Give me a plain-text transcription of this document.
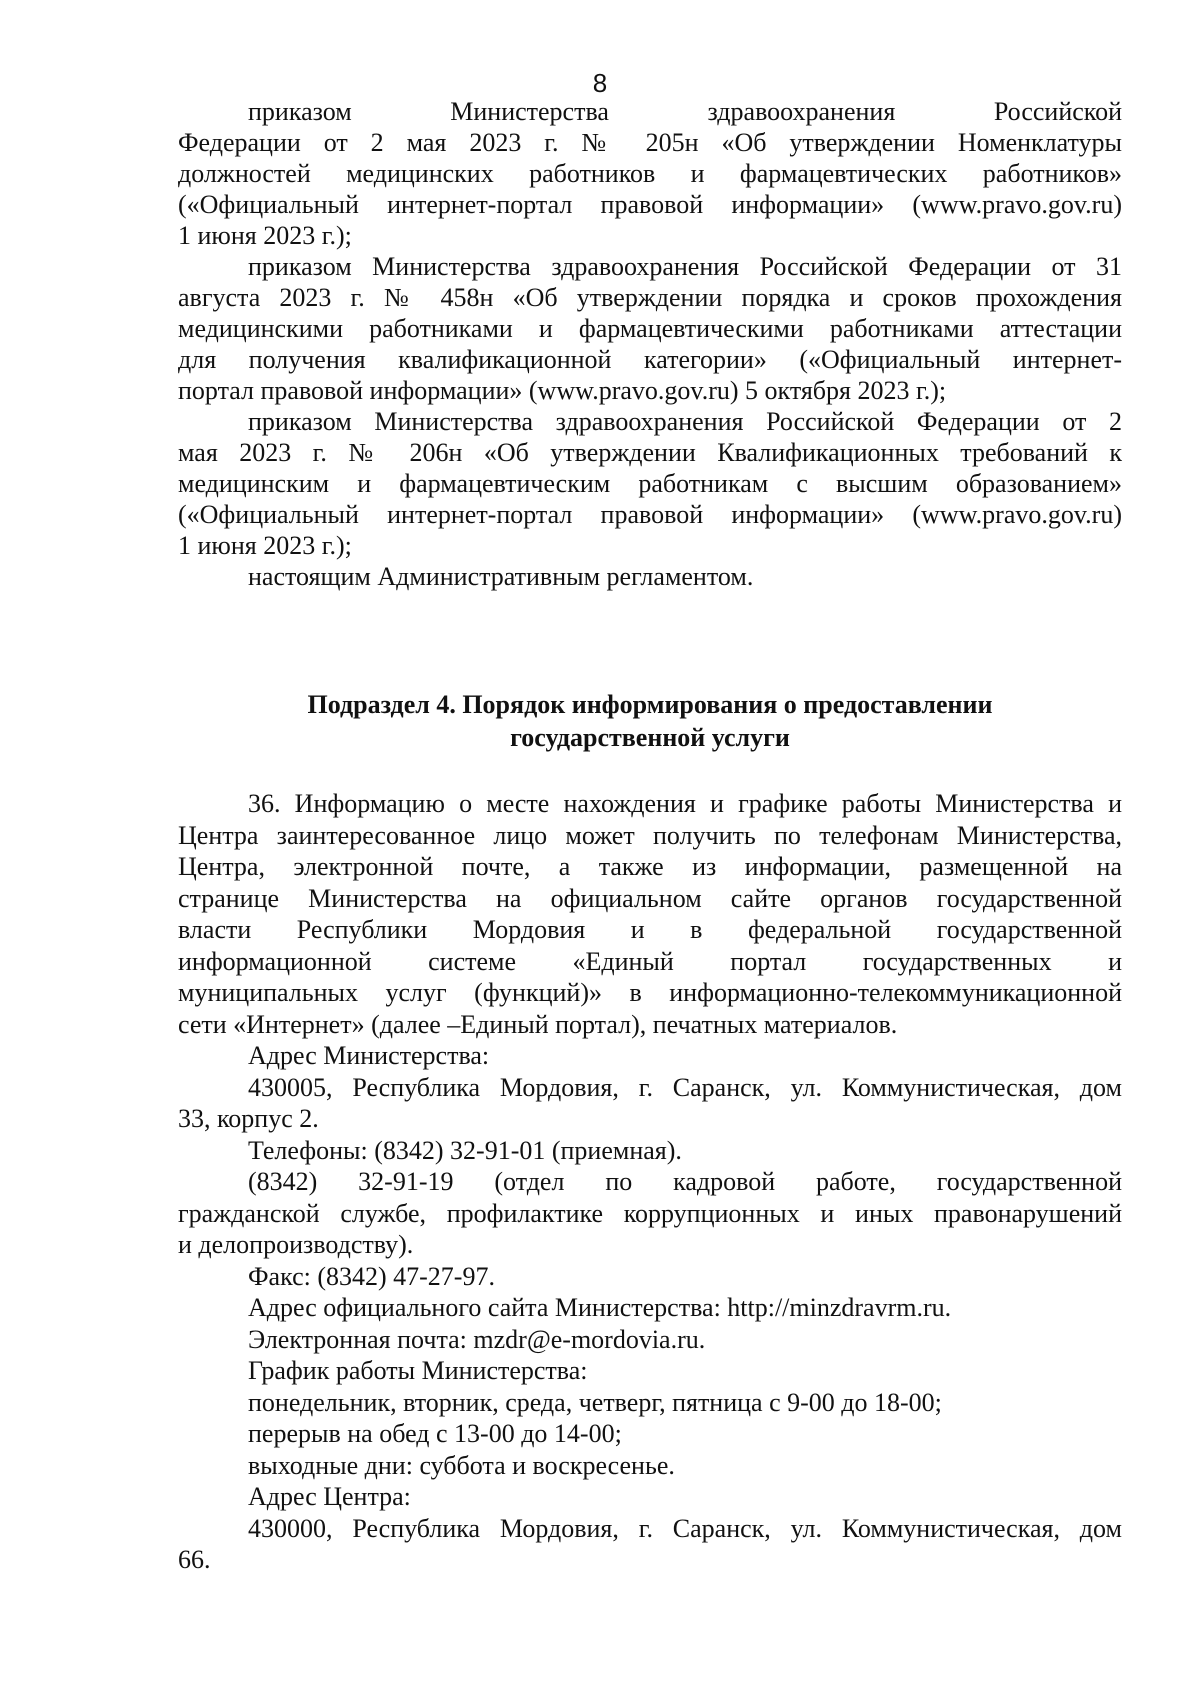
8
приказом Министерства здравоохранения Российской
Федерации от 2 мая 2023 г. № 205н «Об утверждении Номенклатуры
должностей медицинских работников и фармацевтических работников»
(«Официальный интернет-портал правовой информации» (www.pravo.gov.ru)
1 июня 2023 г.);
приказом Министерства здравоохранения Российской Федерации от 31
августа 2023 г. № 458н «Об утверждении порядка и сроков прохождения
медицинскими работниками и фармацевтическими работниками аттестации
для получения квалификационной категории» («Официальный интернет-
портал правовой информации» (www.pravo.gov.ru) 5 октября 2023 г.);
приказом Министерства здравоохранения Российской Федерации от 2
мая 2023 г. № 206н «Об утверждении Квалификационных требований к
медицинским и фармацевтическим работникам с высшим образованием»
(«Официальный интернет-портал правовой информации» (www.pravo.gov.ru)
1 июня 2023 г.);
настоящим Административным регламентом.
Подраздел 4. Порядок информирования о предоставлении
государственной услуги
36. Информацию о месте нахождения и графике работы Министерства и
Центра заинтересованное лицо может получить по телефонам Министерства,
Центра, электронной почте, а также из информации, размещенной на
странице Министерства на официальном сайте органов государственной
власти Республики Мордовия и в федеральной государственной
информационной системе «Единый портал государственных и
муниципальных услуг (функций)» в информационно-телекоммуникационной
сети «Интернет» (далее –Единый портал), печатных материалов.
Адрес Министерства:
430005, Республика Мордовия, г. Саранск, ул. Коммунистическая, дом
33, корпус 2.
Телефоны: (8342) 32-91-01 (приемная).
(8342) 32-91-19 (отдел по кадровой работе, государственной
гражданской службе, профилактике коррупционных и иных правонарушений
и делопроизводству).
Факс: (8342) 47-27-97.
Адрес официального сайта Министерства: http://minzdravrm.ru.
Электронная почта: mzdr@e-mordovia.ru.
График работы Министерства:
понедельник, вторник, среда, четверг, пятница с 9-00 до 18-00;
перерыв на обед с 13-00 до 14-00;
выходные дни: суббота и воскресенье.
Адрес Центра:
430000, Республика Мордовия, г. Саранск, ул. Коммунистическая, дом
66.
